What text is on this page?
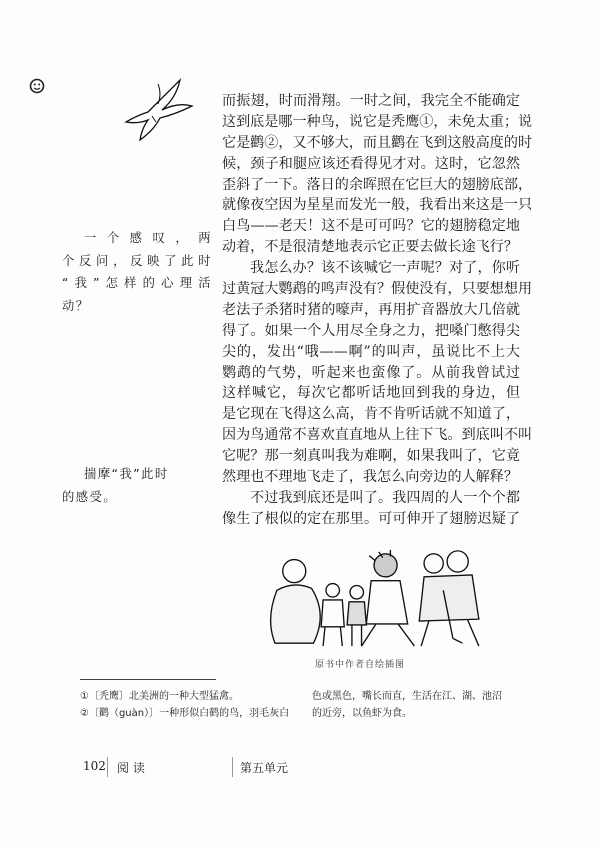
而振翅，时而滑翔。一时之间，我完全不能确定
这到底是哪一种鸟，说它是秃鹰①，未免太重；说
它是鹳②，又不够大，而且鹳在飞到这般高度的时
候，颈子和腿应该还看得见才对。这时，它忽然
歪斜了一下。落日的余晖照在它巨大的翅膀底部，
就像夜空因为星星而发光一般，我看出来这是一只
白鸟——老天！这不是可可吗？它的翅膀稳定地
动着，不是很清楚地表示它正要去做长途飞行？
我怎么办？该不该喊它一声呢？对了，你听
过黄冠大鹦鹉的鸣声没有？假使没有，只要想想用
老法子杀猪时猪的嚎声，再用扩音器放大几倍就
得了。如果一个人用尽全身之力，把嗓门憋得尖
尖的，发出“哦——啊”的叫声，虽说比不上大
鹦鹉的气势，听起来也蛮像了。从前我曾试过
这样喊它，每次它都听话地回到我的身边，但
是它现在飞得这么高，肯不肯听话就不知道了，
因为鸟通常不喜欢直直地从上往下飞。到底叫不叫
它呢？那一刻真叫我为难啊，如果我叫了，它竟
然理也不理地飞走了，我怎么向旁边的人解释？
不过我到底还是叫了。我四周的人一个个都
像生了根似的定在那里。可可伸开了翅膀迟疑了
一个感叹，两
个反问，反映了此时
“我”怎样的心理活
动？
揣摩“我”此时
的感受。
原书中作者自绘插图
①〔秃鹰〕北美洲的一种大型猛禽。
②〔鹳（guàn）〕一种形似白鹤的鸟，羽毛灰白
色或黑色，嘴长而直，生活在江、湖、池沼
的近旁，以鱼虾为食。
102 阅 读	第五单元
